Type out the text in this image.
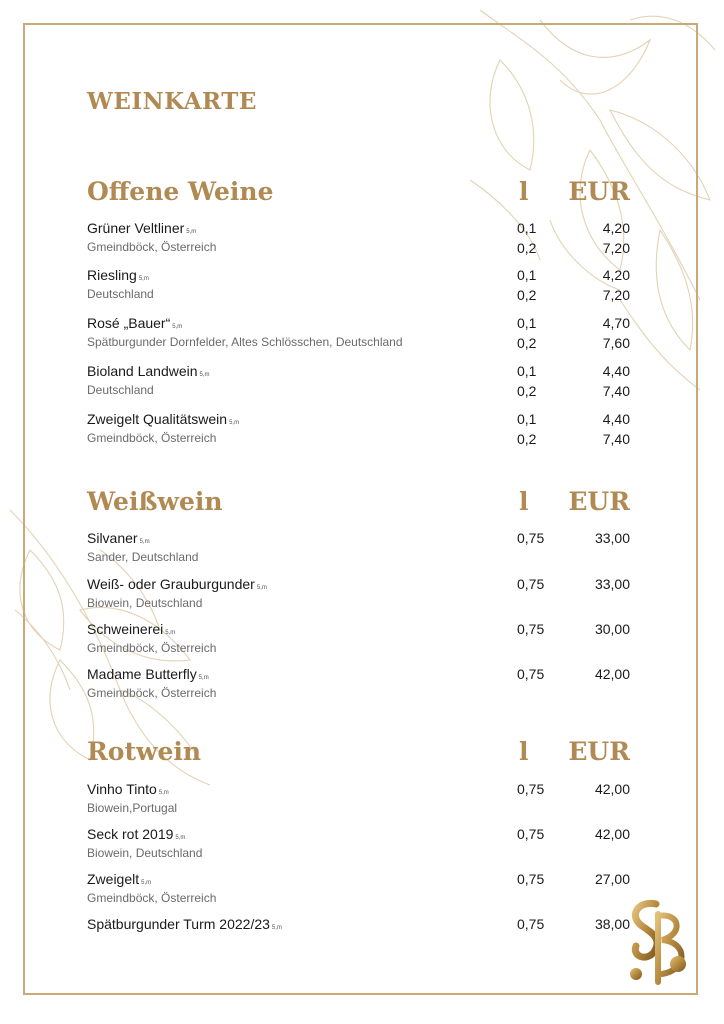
WEINKARTE
Offene Weine	l EUR
Grüner Veltliner 5,m
Gmeindböck, Österreich
0,1	4,20
0,2	7,20
Riesling 5,m
Deutschland
0,1	4,20
0,2	7,20
Rosé „Bauer“ 5,m
Spätburgunder Dornfelder, Altes Schlösschen, Deutschland
0,1	4,70
0,2	7,60
Bioland Landwein 5,m
Deutschland
0,1	4,40
0,2	7,40
Zweigelt Qualitätswein 5,m
Gmeindböck, Österreich
0,1	4,40
0,2	7,40
Weißwein	l EUR
Silvaner 5,m
Sander, Deutschland
0,75	33,00
Weiß- oder Grauburgunder 5,m
Biowein, Deutschland
0,75	33,00
Schweinerei 5,m
Gmeindböck, Österreich
0,75	30,00
Madame Butterfly 5,m
Gmeindböck, Österreich
0,75	42,00
Rotwein	l EUR
Vinho Tinto 5,m
Biowein,Portugal
0,75	42,00
Seck rot 2019 5,m
Biowein, Deutschland
0,75	42,00
Zweigelt 5,m
Gmeindböck, Österreich
0,75	27,00
Spätburgunder Turm 2022/23 5,m	0,75	38,00
